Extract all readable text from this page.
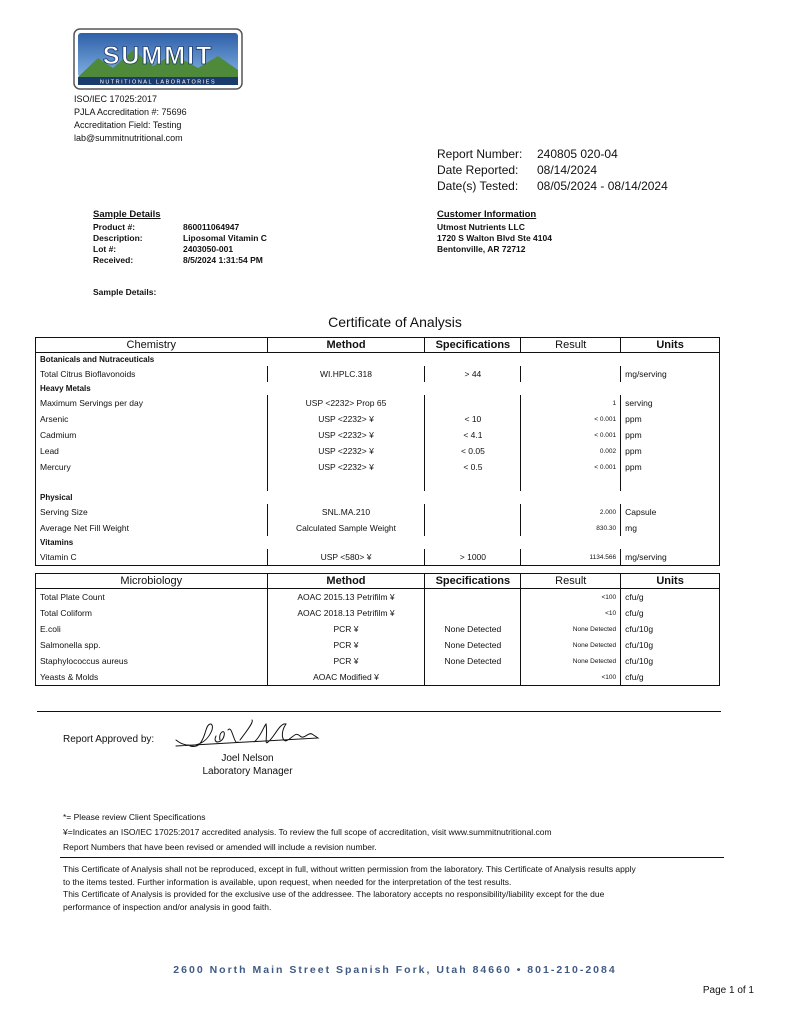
SUMMIT
NUTRITIONAL LABORATORIES
ISO/IEC 17025:2017
PJLA Accreditation #: 75696
Accreditation Field: Testing
lab@summitnutritional.com
Report Number:	240805 020-04
Date Reported:	08/14/2024
Date(s) Tested:	08/05/2024 - 08/14/2024
Sample Details
Product #:	860011064947
Description:	Liposomal Vitamin C
Lot #:	2403050-001
Received:	8/5/2024 1:31:54 PM
Customer Information
Utmost Nutrients LLC
1720 S Walton Blvd Ste 4104
Bentonville, AR 72712
Sample Details:
Certificate of Analysis
Chemistry	Method	Specifications	Result	Units
Botanicals and Nutraceuticals				
Total Citrus Bioflavonoids	WI.HPLC.318	> 44		mg/serving
Heavy Metals				
Maximum Servings per day	USP <2232> Prop 65		1	serving
Arsenic	USP <2232> ¥	< 10	< 0.001	ppm
Cadmium	USP <2232> ¥	< 4.1	< 0.001	ppm
Lead	USP <2232> ¥	< 0.05	0.002	ppm
Mercury	USP <2232> ¥	< 0.5	< 0.001	ppm

Physical				
Serving Size	SNL.MA.210		2.000	Capsule
Average Net Fill Weight	Calculated Sample Weight		830.30	mg
Vitamins				
Vitamin C	USP <580> ¥	> 1000	1134.566	mg/serving
Microbiology	Method	Specifications	Result	Units
Total Plate Count	AOAC 2015.13 Petrifilm ¥		<100	cfu/g
Total Coliform	AOAC 2018.13 Petrifilm ¥		<10	cfu/g
E.coli	PCR ¥	None Detected	None Detected	cfu/10g
Salmonella spp.	PCR ¥	None Detected	None Detected	cfu/10g
Staphylococcus aureus	PCR ¥	None Detected	None Detected	cfu/10g
Yeasts & Molds	AOAC Modified ¥		<100	cfu/g
Report Approved by:
Joel Nelson
Laboratory Manager
*= Please review Client Specifications
¥=Indicates an ISO/IEC 17025:2017 accredited analysis. To review the full scope of accreditation, visit www.summitnutritional.com
Report Numbers that have been revised or amended will include a revision number.
This Certificate of Analysis shall not be reproduced, except in full, without written permission from the laboratory. This Certificate of Analysis results apply
to the items tested. Further information is available, upon request, when needed for the interpretation of the test results.
This Certificate of Analysis is provided for the exclusive use of the addressee. The laboratory accepts no responsibility/liability except for the due
performance of inspection and/or analysis in good faith.
2600 North Main Street Spanish Fork, Utah 84660 • 801-210-2084
Page 1 of 1
